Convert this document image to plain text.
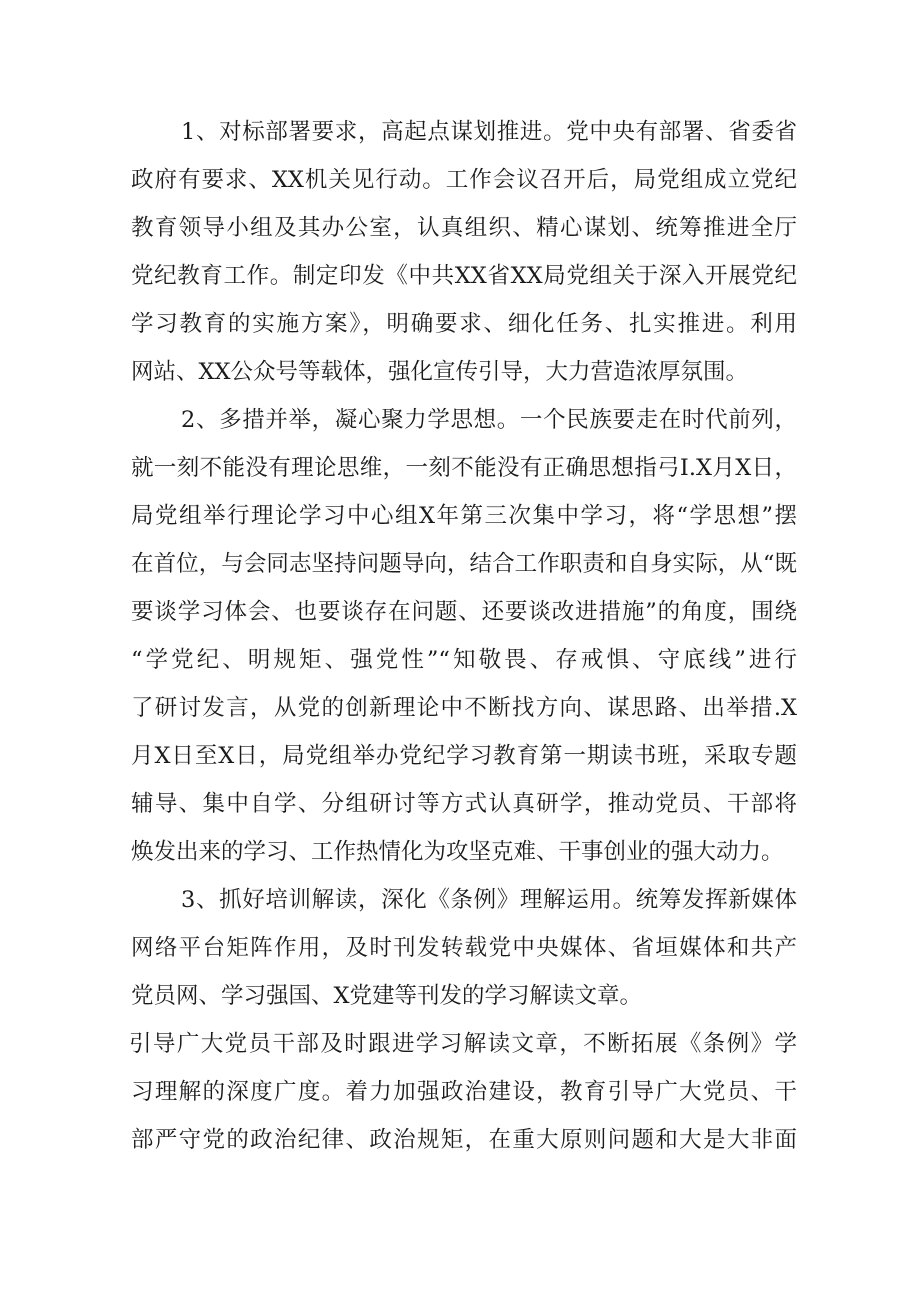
1、对标部署要求，高起点谋划推进。党中央有部署、省委省
政府有要求、XX机关见行动。工作会议召开后，局党组成立党纪
教育领导小组及其办公室，认真组织、精心谋划、统筹推进全厅
党纪教育工作。制定印发《中共XX省XX局党组关于深入开展党纪
学习教育的实施方案》，明确要求、细化任务、扎实推进。利用
网站、XX公众号等载体，强化宣传引导，大力营造浓厚氛围。
2、多措并举，凝心聚力学思想。一个民族要走在时代前列，
就一刻不能没有理论思维，一刻不能没有正确思想指弓I.X月X日，
局党组举行理论学习中心组X年第三次集中学习，将“学思想”摆
在首位，与会同志坚持问题导向，结合工作职责和自身实际，从“既
要谈学习体会、也要谈存在问题、还要谈改进措施”的角度，围绕
“学党纪、明规矩、强党性”“知敬畏、存戒惧、守底线”进行
了研讨发言，从党的创新理论中不断找方向、谋思路、出举措.X
月X日至X日，局党组举办党纪学习教育第一期读书班，采取专题
辅导、集中自学、分组研讨等方式认真研学，推动党员、干部将
焕发出来的学习、工作热情化为攻坚克难、干事创业的强大动力。
3、抓好培训解读，深化《条例》理解运用。统筹发挥新媒体
网络平台矩阵作用，及时刊发转载党中央媒体、省垣媒体和共产
党员网、学习强国、X党建等刊发的学习解读文章。
引导广大党员干部及时跟进学习解读文章，不断拓展《条例》学
习理解的深度广度。着力加强政治建设，教育引导广大党员、干
部严守党的政治纪律、政治规矩，在重大原则问题和大是大非面
